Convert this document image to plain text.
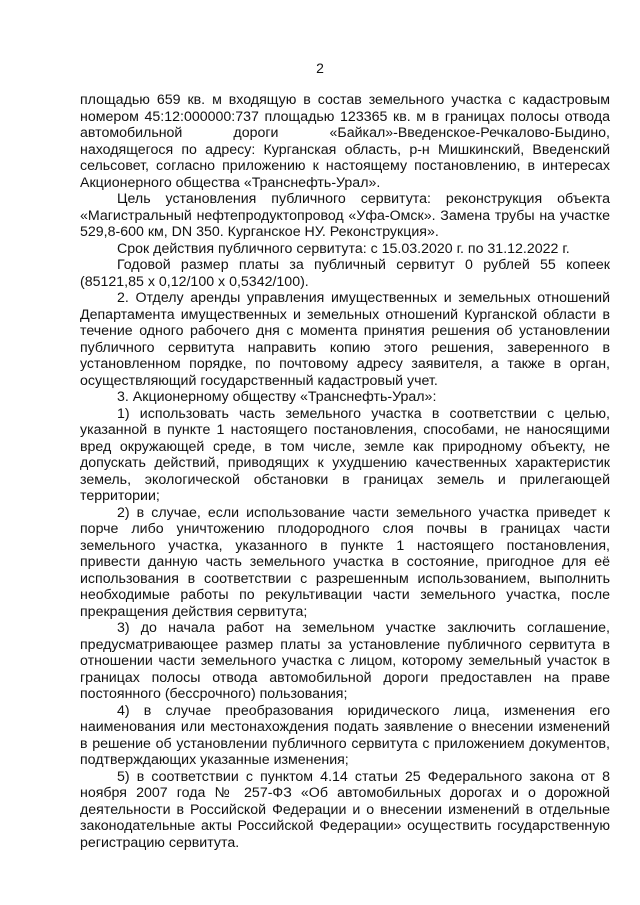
2

площадью 659 кв. м входящую в состав земельного участка с кадастровым номером 45:12:000000:737 площадью 123365 кв. м в границах полосы отвода автомобильной дороги «Байкал»-Введенское-Речкалово-Быдино, находящегося по адресу: Курганская область, р-н Мишкинский, Введенский сельсовет, согласно приложению к настоящему постановлению, в интересах Акционерного общества «Транснефть-Урал».

Цель установления публичного сервитута: реконструкция объекта «Магистральный нефтепродуктопровод «Уфа-Омск». Замена трубы на участке 529,8-600 км, DN 350. Курганское НУ. Реконструкция».

Срок действия публичного сервитута: с 15.03.2020 г. по 31.12.2022 г.

Годовой размер платы за публичный сервитут 0 рублей 55 копеек (85121,85 х 0,12/100 х 0,5342/100).

2. Отделу аренды управления имущественных и земельных отношений Департамента имущественных и земельных отношений Курганской области в течение одного рабочего дня с момента принятия решения об установлении публичного сервитута направить копию этого решения, заверенного в установленном порядке, по почтовому адресу заявителя, а также в орган, осуществляющий государственный кадастровый учет.

3. Акционерному обществу «Транснефть-Урал»:

1) использовать часть земельного участка в соответствии с целью, указанной в пункте 1 настоящего постановления, способами, не наносящими вред окружающей среде, в том числе, земле как природному объекту, не допускать действий, приводящих к ухудшению качественных характеристик земель, экологической обстановки в границах земель и прилегающей территории;

2) в случае, если использование части земельного участка приведет к порче либо уничтожению плодородного слоя почвы в границах части земельного участка, указанного в пункте 1 настоящего постановления, привести данную часть земельного участка в состояние, пригодное для её использования в соответствии с разрешенным использованием, выполнить необходимые работы по рекультивации части земельного участка, после прекращения действия сервитута;

3) до начала работ на земельном участке заключить соглашение, предусматривающее размер платы за установление публичного сервитута в отношении части земельного участка с лицом, которому земельный участок в границах полосы отвода автомобильной дороги предоставлен на праве постоянного (бессрочного) пользования;

4) в случае преобразования юридического лица, изменения его наименования или местонахождения подать заявление о внесении изменений в решение об установлении публичного сервитута с приложением документов, подтверждающих указанные изменения;

5) в соответствии с пунктом 4.14 статьи 25 Федерального закона от 8 ноября 2007 года № 257-ФЗ «Об автомобильных дорогах и о дорожной деятельности в Российской Федерации и о внесении изменений в отдельные законодательные акты Российской Федерации» осуществить государственную регистрацию сервитута.
